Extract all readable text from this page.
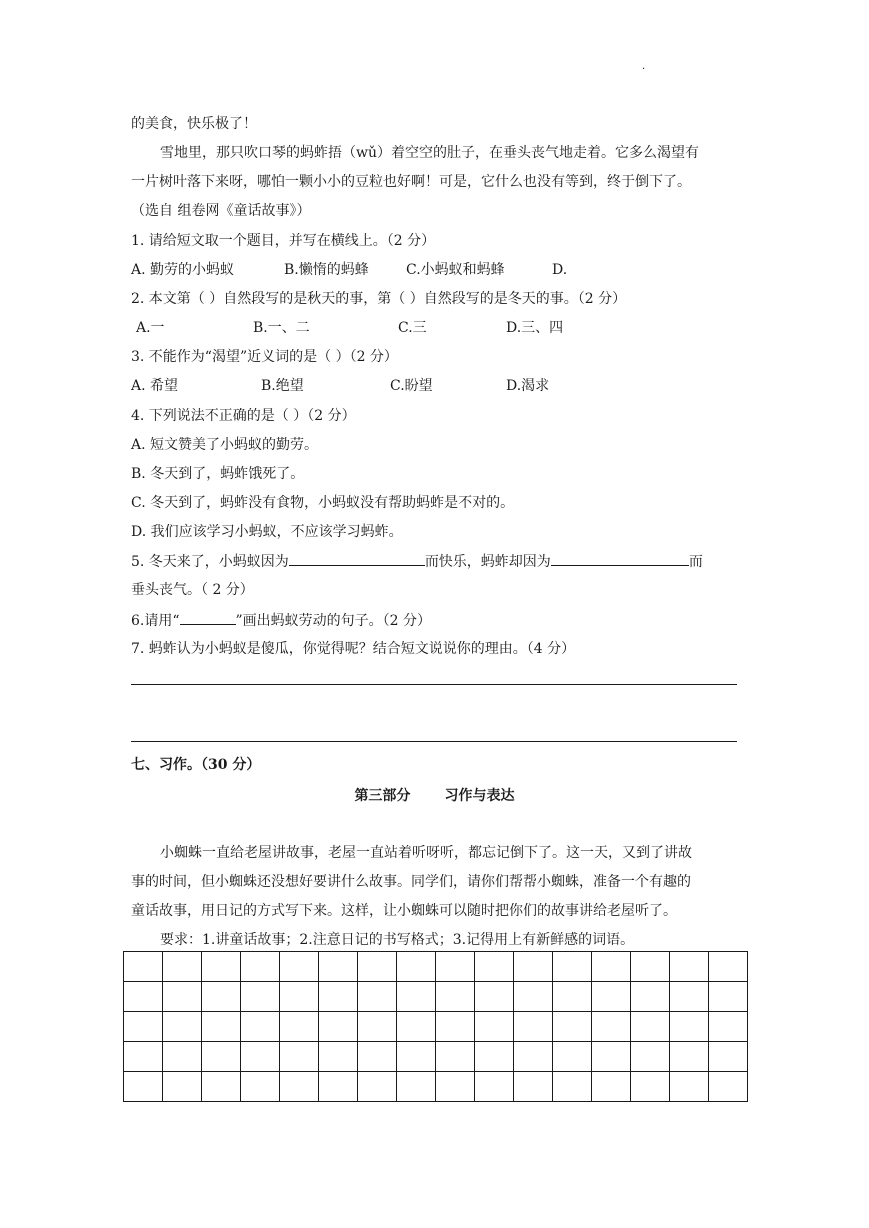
·
的美食，快乐极了！
雪地里，那只吹口琴的蚂蚱捂（wǔ）着空空的肚子，在垂头丧气地走着。它多么渴望有
一片树叶落下来呀，哪怕一颗小小的豆粒也好啊！可是，它什么也没有等到，终于倒下了。
（选自 组卷网《童话故事》）
1. 请给短文取一个题目，并写在横线上。（2 分）
A. 勤劳的小蚂蚁	B.懒惰的蚂蜂	C.小蚂蚁和蚂蜂	D.
2. 本文第（ ）自然段写的是秋天的事，第（ ）自然段写的是冬天的事。（2 分）
A.一	B.一、二	C.三	D.三、四
3. 不能作为“渴望”近义词的是（ ）（2 分）
A. 希望	B.绝望	C.盼望	D.渴求
4. 下列说法不正确的是（ ）（2 分）
A. 短文赞美了小蚂蚁的勤劳。
B. 冬天到了，蚂蚱饿死了。
C. 冬天到了，蚂蚱没有食物，小蚂蚁没有帮助蚂蚱是不对的。
D. 我们应该学习小蚂蚁，不应该学习蚂蚱。
5. 冬天来了，小蚂蚁因为	而快乐，蚂蚱却因为	而
垂头丧气。（ 2 分）
6.请用“	”画出蚂蚁劳动的句子。（2 分）
7. 蚂蚱认为小蚂蚁是傻瓜，你觉得呢？结合短文说说你的理由。（4 分）
七、习作。（30 分）
第三部分       习作与表达
小蜘蛛一直给老屋讲故事，老屋一直站着听呀听，都忘记倒下了。这一天，又到了讲故
事的时间，但小蜘蛛还没想好要讲什么故事。同学们，请你们帮帮小蜘蛛，准备一个有趣的
童话故事，用日记的方式写下来。这样，让小蜘蛛可以随时把你们的故事讲给老屋听了。
要求：1.讲童话故事；2.注意日记的书写格式；3.记得用上有新鲜感的词语。
